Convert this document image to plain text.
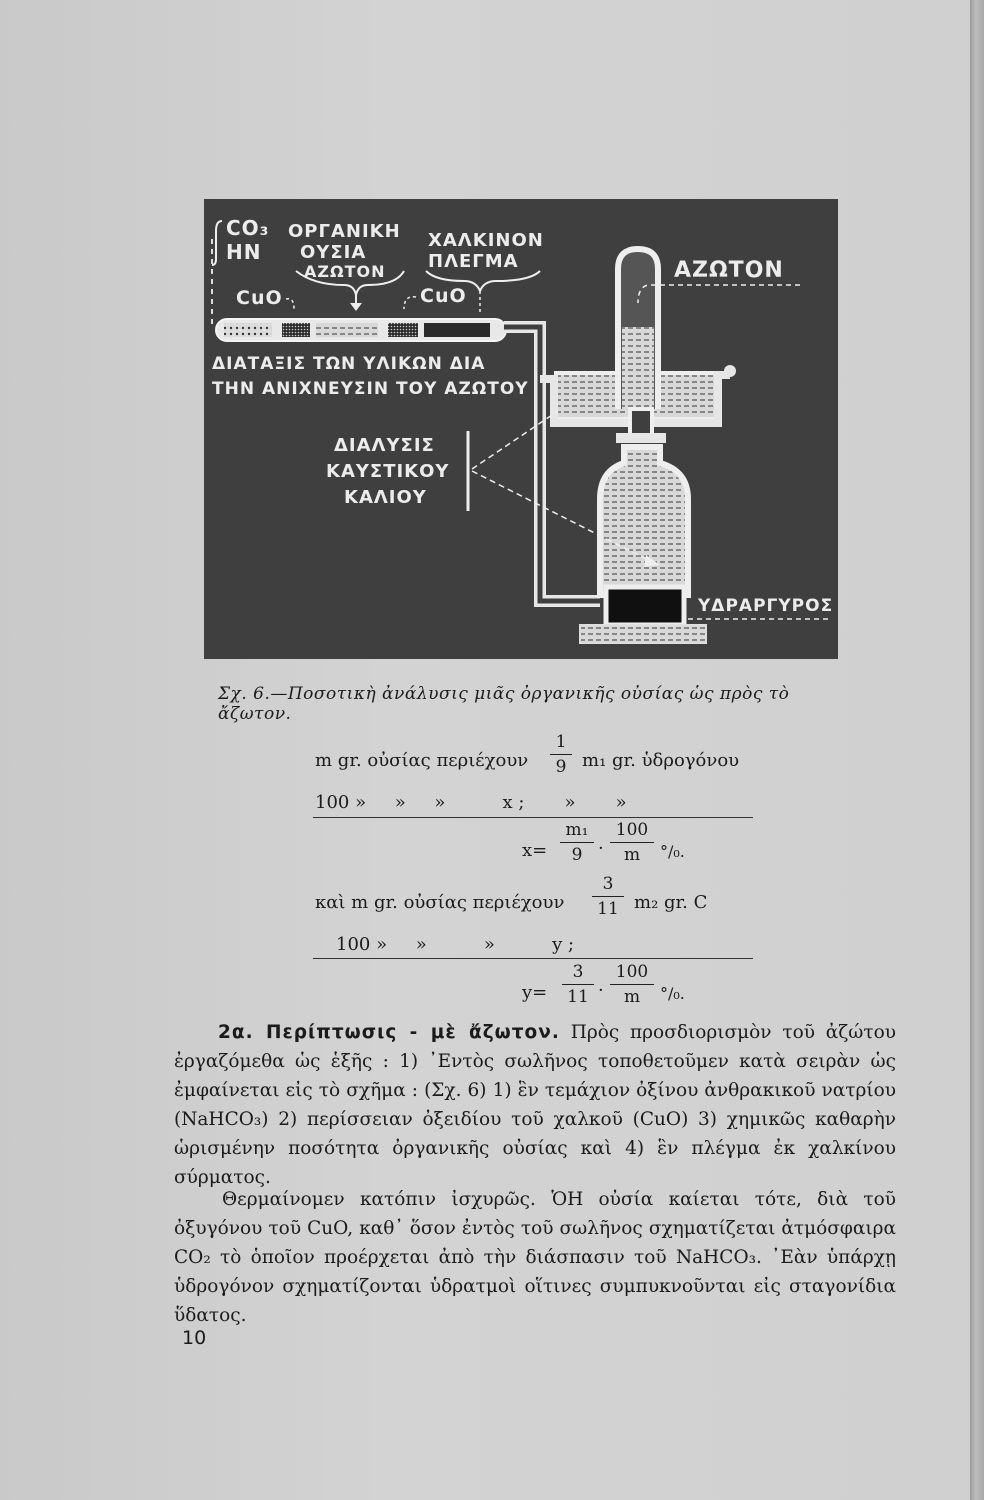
CO₃
HN
ΟΡΓΑΝΙΚΗ
ΟΥΣΙΑ
ΑΖΩΤΟΝ
ΧΑΛΚΙΝΟΝ
ΠΛΕΓΜΑ
CuO	CuO
ΔΙΑΤΑΞΙΣ ΤΩΝ ΥΛΙΚΩΝ ΔΙΑ
ΤΗΝ ΑΝΙΧΝΕΥΣΙΝ ΤΟΥ ΑΖΩΤΟΥ
ΑΖΩΤΟΝ
ΔΙΑΛΥΣΙΣ
ΚΑΥΣΤΙΚΟΥ
ΚΑΛΙΟΥ
ΥΔΡΑΡΓΥΡΟΣ
Σχ. 6.—Ποσοτικὴ ἀνάλυσις μιᾶς ὀργανικῆς οὐσίας ὡς πρὸς τὸ ἄζωτον.
m gr. οὐσίας περιέχουν $\frac{1}{9} m_1$ gr. ὑδρογόνου
100 »     »     »          x ;       »       »
$x= \frac{\text{m₁}}{9} \cdot \frac{100}{m} ^\circ/_0$.
καὶ m gr. οὐσίας περιέχουν $\frac{3}{11} m_2$ gr. C
100 »     »          »          y ;
$y= \frac{3}{11} \cdot \frac{100}{m} ^\circ/_0$.
2α. Περίπτωσις - μὲ ἄζωτον. Πρὸς προσδιορισμὸν τοῦ ἀζώτου ἐργαζόμεθα ὡς ἑξῆς : 1) ᾿Εντὸς σωλῆνος τοποθετοῦμεν κατὰ σειρὰν ὡς ἐμφαίνεται εἰς τὸ σχῆμα : (Σχ. 6) 1) ἓν τεμάχιον ὀξίνου ἀνθρακικοῦ νατρίου (NaHCO₃) 2) περίσσειαν ὀξειδίου τοῦ χαλκοῦ (CuO) 3) χημικῶς καθαρὴν ὡρισμένην ποσότητα ὀργανικῆς οὐσίας καὶ 4) ἓν πλέγμα ἐκ χαλκίνου σύρματος.
Θερμαίνομεν κατόπιν ἰσχυρῶς. ὉΗ οὐσία καίεται τότε, διὰ τοῦ ὀξυγόνου τοῦ CuO, καθ᾿ ὅσον ἐντὸς τοῦ σωλῆνος σχηματίζεται ἀτμόσφαιρα CO₂ τὸ ὁποῖον προέρχεται ἀπὸ τὴν διάσπασιν τοῦ NaHCO₃. ᾿Εὰν ὑπάρχῃ ὑδρογόνον σχηματίζονται ὑδρατμοὶ οἵτινες συμπυκνοῦνται εἰς σταγονίδια ὕδατος.
10
